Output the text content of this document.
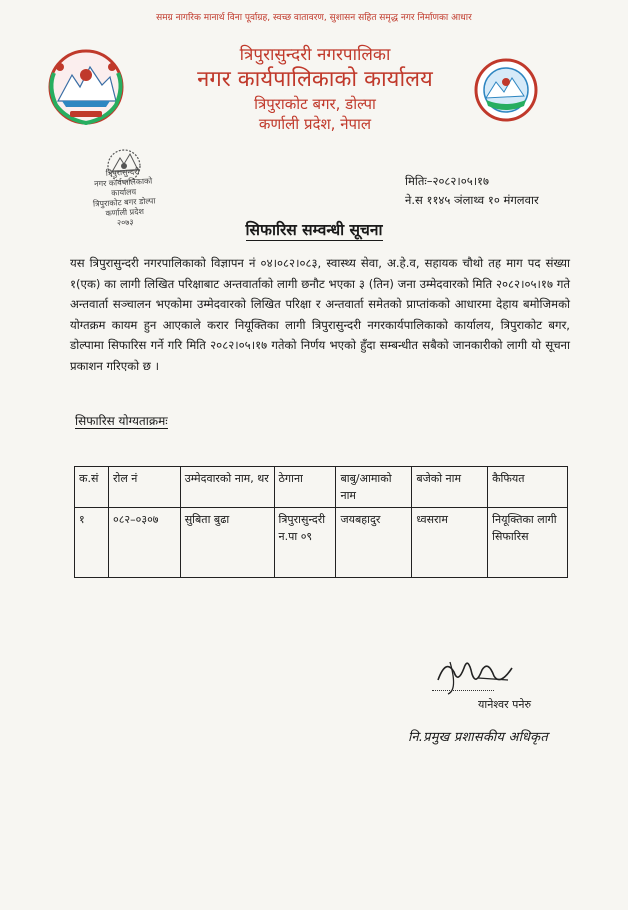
समग्र नागरिक मानार्थ विना पूर्वाग्रह, स्वच्छ वातावरण, सुशासन सहित समृद्ध नगर निर्माणका आधार
त्रिपुरासुन्दरी नगरपालिका
नगर कार्यपालिकाको कार्यालय
त्रिपुराकोट बगर, डोल्पा
कर्णाली प्रदेश, नेपाल
त्रिपुरासुन्दरी
नगर कार्यपालिकाको
कार्यालय
त्रिपुराकोट बगर डोल्पा
कर्णाली प्रदेश
२०७३
मितिः–२०८२।०५।१७
ने.स ११४५ ञंलाथ्व १० मंगलवार
सिफारिस सम्वन्धी सूचना
यस त्रिपुरासुन्दरी नगरपालिकाको विज्ञापन नं ०४।०८२।०८३, स्वास्थ्य सेवा, अ.हे.व, सहायक चौथो तह माग पद संख्या १(एक) का लागी लिखित परिक्षाबाट अन्तवार्ताको लागी छनौट भएका ३ (तिन) जना उम्मेदवारको मिति २०८२।०५।१७ गते अन्तवार्ता सञ्चालन भएकोमा उम्मेदवारको लिखित परिक्षा र अन्तवार्ता समेतको प्राप्तांकको आधारमा देहाय बमोजिमको योग्तक्रम कायम हुन आएकाले करार नियूक्तिका लागी त्रिपुरासुन्दरी नगरकार्यपालिकाको कार्यालय, त्रिपुराकोट बगर, डोल्पामा सिफारिस गर्ने गरि मिति २०८२।०५।१७ गतेको निर्णय भएको हुँदा सम्बन्धीत सबैको जानकारीको लागी यो सूचना प्रकाशन गरिएको छ ।
सिफारिस योग्यताक्रमः
क.सं	रोल नं	उम्मेदवारको नाम, थर	ठेगाना	बाबु/आमाको नाम	बजेको नाम	कैफियत
१	०८२–०३०७	सुबिता बुढा	त्रिपुरासुन्दरी न.पा ०९	जयबहादुर	ध्वसराम	नियूक्तिका लागी सिफारिस
यानेश्वर पनेरु
नि.प्रमुख प्रशासकीय अधिकृत
